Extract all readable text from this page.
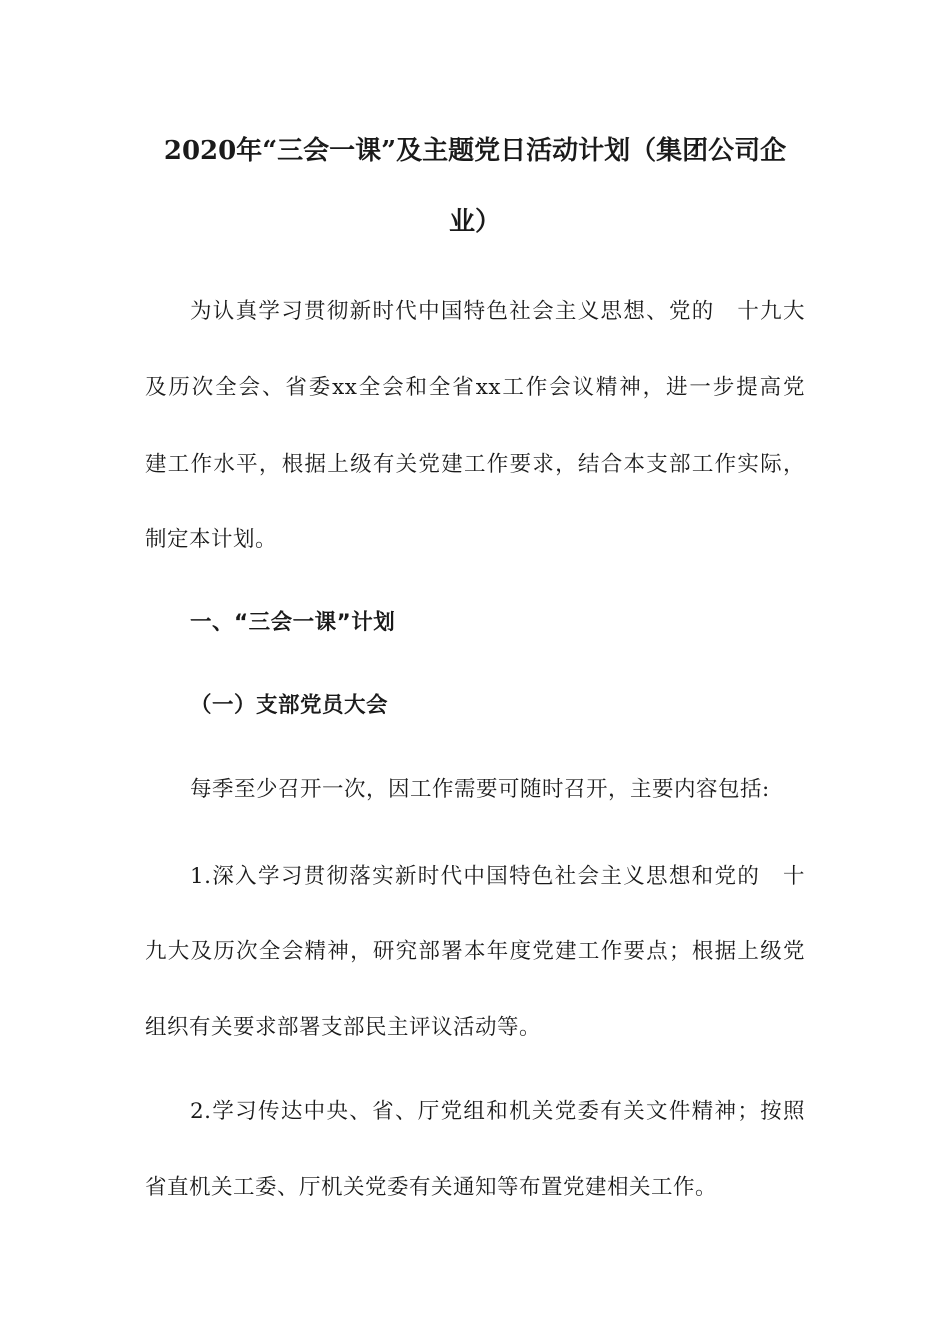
2020年“三会一课”及主题党日活动计划（集团公司企
业）

为认真学习贯彻新时代中国特色社会主义思想、党的　十九大

及历次全会、省委xx全会和全省xx工作会议精神，进一步提高党

建工作水平，根据上级有关党建工作要求，结合本支部工作实际，

制定本计划。

一、“三会一课”计划
（一）支部党员大会

每季至少召开一次，因工作需要可随时召开，主要内容包括:

1.深入学习贯彻落实新时代中国特色社会主义思想和党的　十

九大及历次全会精神，研究部署本年度党建工作要点；根据上级党

组织有关要求部署支部民主评议活动等。

2.学习传达中央、省、厅党组和机关党委有关文件精神；按照

省直机关工委、厅机关党委有关通知等布置党建相关工作。
